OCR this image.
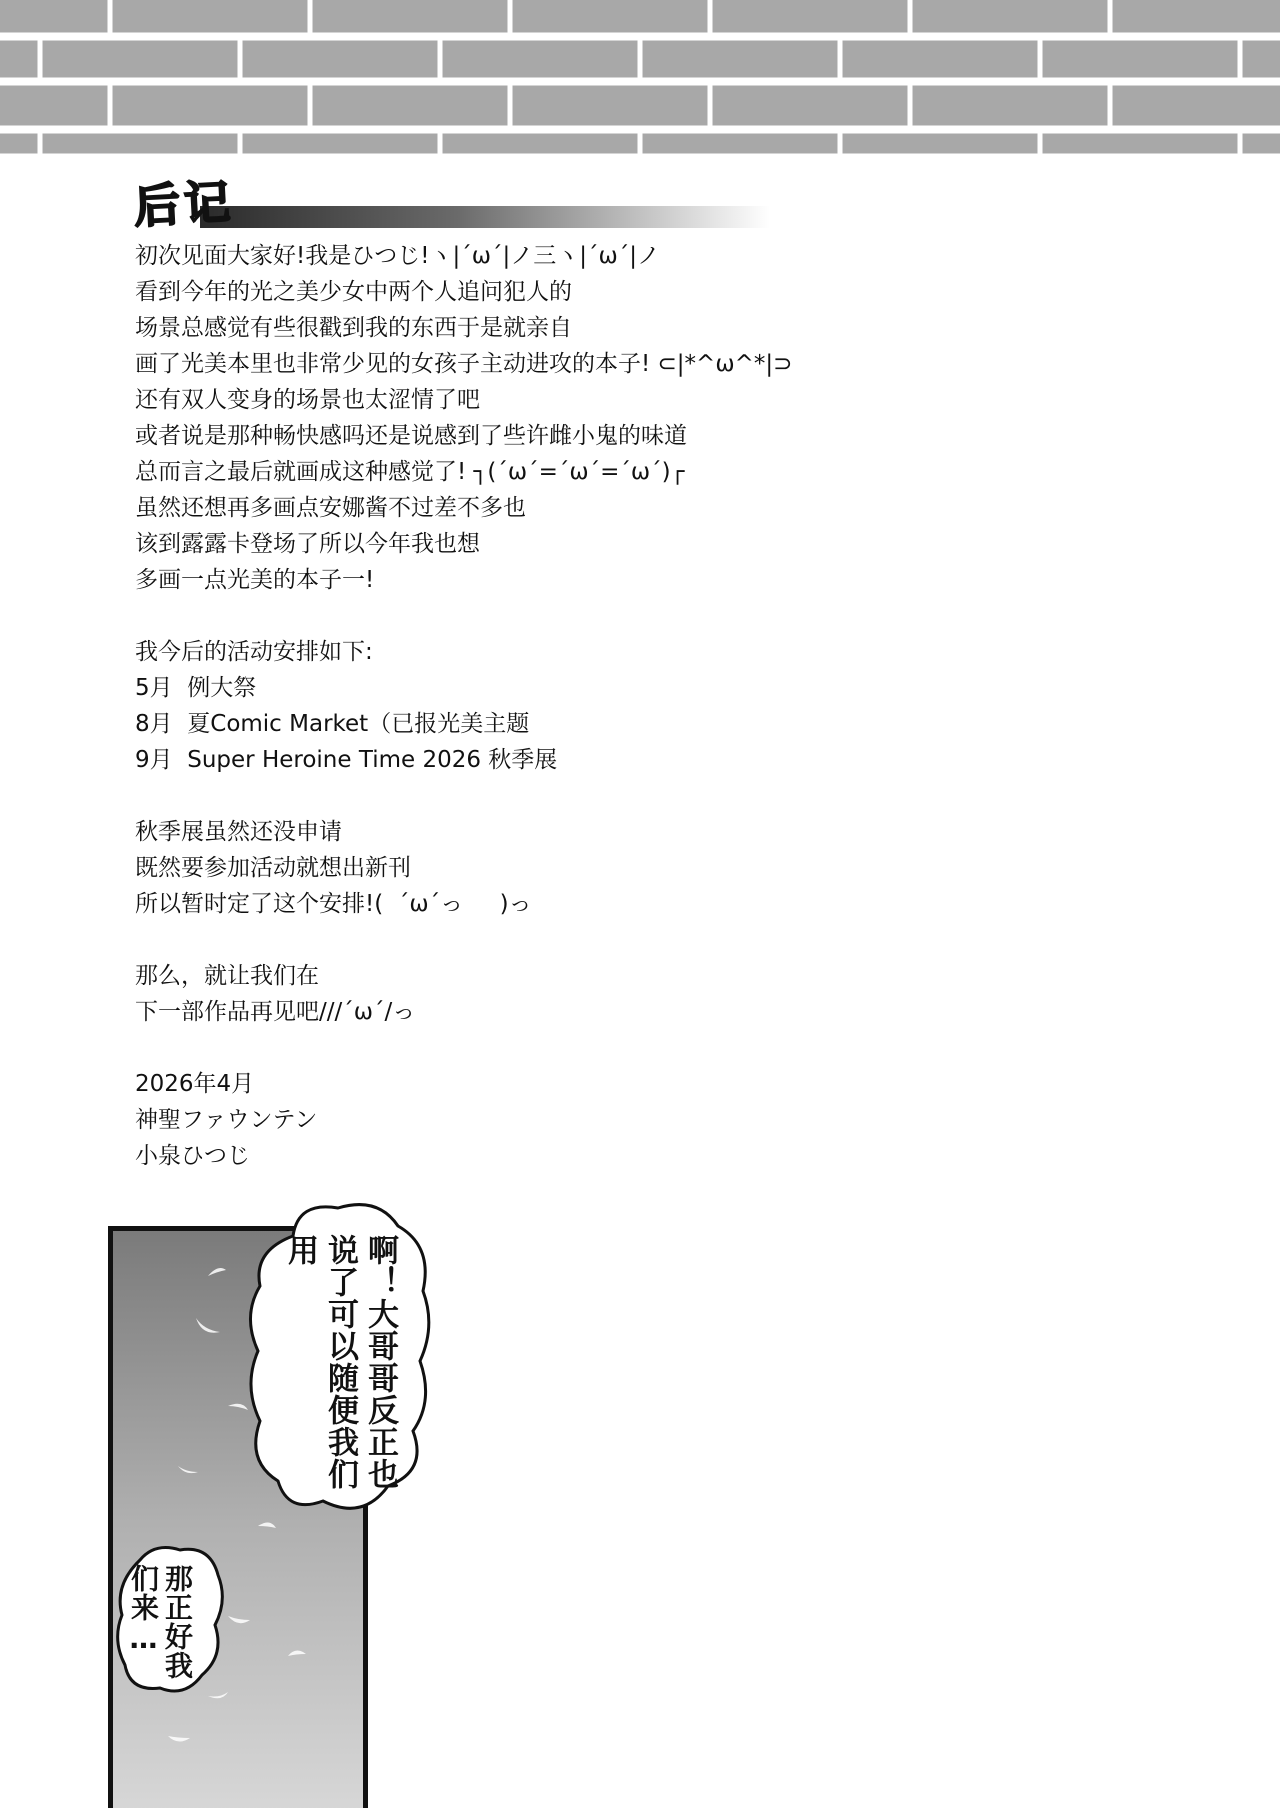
后记
初次见面大家好!我是ひつじ!ヽ|´ω´|ノ三ヽ|´ω´|ノ
看到今年的光之美少女中两个人追问犯人的
场景总感觉有些很戳到我的东西于是就亲自
画了光美本里也非常少见的女孩子主动进攻的本子! ⊂|*^ω^*|⊃
还有双人变身的场景也太涩情了吧
或者说是那种畅快感吗还是说感到了些许雌小鬼的味道
总而言之最后就画成这种感觉了! ┐(´ω´=´ω´=´ω´)┌
虽然还想再多画点安娜酱不过差不多也
该到露露卡登场了所以今年我也想
多画一点光美的本子一!
我今后的活动安排如下:
5月  例大祭
8月  夏Comic Market（已报光美主题
9月  Super Heroine Time 2026 秋季展
秋季展虽然还没申请
既然要参加活动就想出新刊
所以暂时定了这个安排!(  ´ω´っ     )っ
那么，就让我们在
下一部作品再见吧///´ω´/っ
2026年4月
神聖ファウンテン
小泉ひつじ
啊！大哥哥反正也说了可以随便我们用
那正好我们来…
